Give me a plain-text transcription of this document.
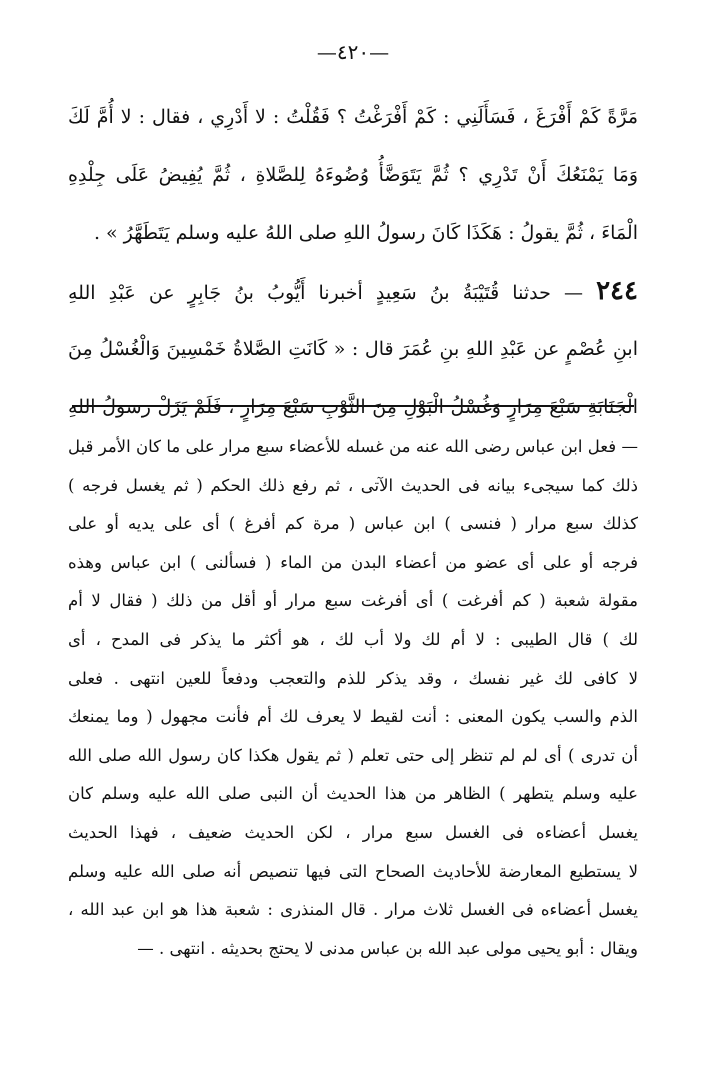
—٤٢٠—
مَرَّةً كَمْ أَفْرَغَ ، فَسَأَلَنِي : كَمْ أَفْرَغْتُ ؟ فَقُلْتُ : لا أَدْرِي ، فقال : لا أُمَّ لَكَ
وَمَا يَمْنَعُكَ أَنْ تَدْرِي ؟ ثُمَّ يَتَوَضَّأُ وُضُوءَهُ لِلصَّلاةِ ، ثُمَّ يُفِيضُ عَلَى جِلْدِهِ
الْمَاءَ ، ثُمَّ يقولُ : هَكَذَا كَانَ رسولُ اللهِ صلى اللهُ عليه وسلم يَتَطَهَّرُ » .
٢٤٤ — حدثنا قُتَيْبَةُ بنُ سَعِيدٍ أخبرنا أَيُّوبُ بنُ جَابِرٍ عن عَبْدِ اللهِ
ابنِ عُصْمٍ عن عَبْدِ اللهِ بنِ عُمَرَ قال : « كَانَتِ الصَّلاةُ خَمْسِينَ وَالْغُسْلُ مِنَ
الْجَنَابَةِ سَبْعَ مِرَارٍ وَغُسْلُ الْبَوْلِ مِنَ الثَّوْبِ سَبْعَ مِرَارٍ ، فَلَمْ يَزَلْ رسولُ اللهِ
— فعل ابن عباس رضى الله عنه من غسله للأعضاء سبع مرار على ما كان الأمر قبل
ذلك كما سيجىء بيانه فى الحديث الآتى ، ثم رفع ذلك الحكم ( ثم يغسل فرجه )
كذلك سبع مرار ( فنسى ) ابن عباس ( مرة كم أفرغ ) أى على يديه أو على
فرجه أو على أى عضو من أعضاء البدن من الماء ( فسألنى ) ابن عباس وهذه
مقولة شعبة ( كم أفرغت ) أى أفرغت سبع مرار أو أقل من ذلك ( فقال لا أم
لك ) قال الطيبى : لا أم لك ولا أب لك ، هو أكثر ما يذكر فى المدح ، أى
لا كافى لك غير نفسك ، وقد يذكر للذم والتعجب ودفعاً للعين انتهى . فعلى
الذم والسب يكون المعنى : أنت لقيط لا يعرف لك أم فأنت مجهول ( وما يمنعك
أن تدرى ) أى لم لم تنظر إلى حتى تعلم ( ثم يقول هكذا كان رسول الله صلى الله
عليه وسلم يتطهر ) الظاهر من هذا الحديث أن النبى صلى الله عليه وسلم كان
يغسل أعضاءه فى الغسل سبع مرار ، لكن الحديث ضعيف ، فهذا الحديث
لا يستطيع المعارضة للأحاديث الصحاح التى فيها تنصيص أنه صلى الله عليه وسلم
يغسل أعضاءه فى الغسل ثلاث مرار . قال المنذرى : شعبة هذا هو ابن عبد الله ،
ويقال : أبو يحيى مولى عبد الله بن عباس مدنى لا يحتج بحديثه . انتهى . —
